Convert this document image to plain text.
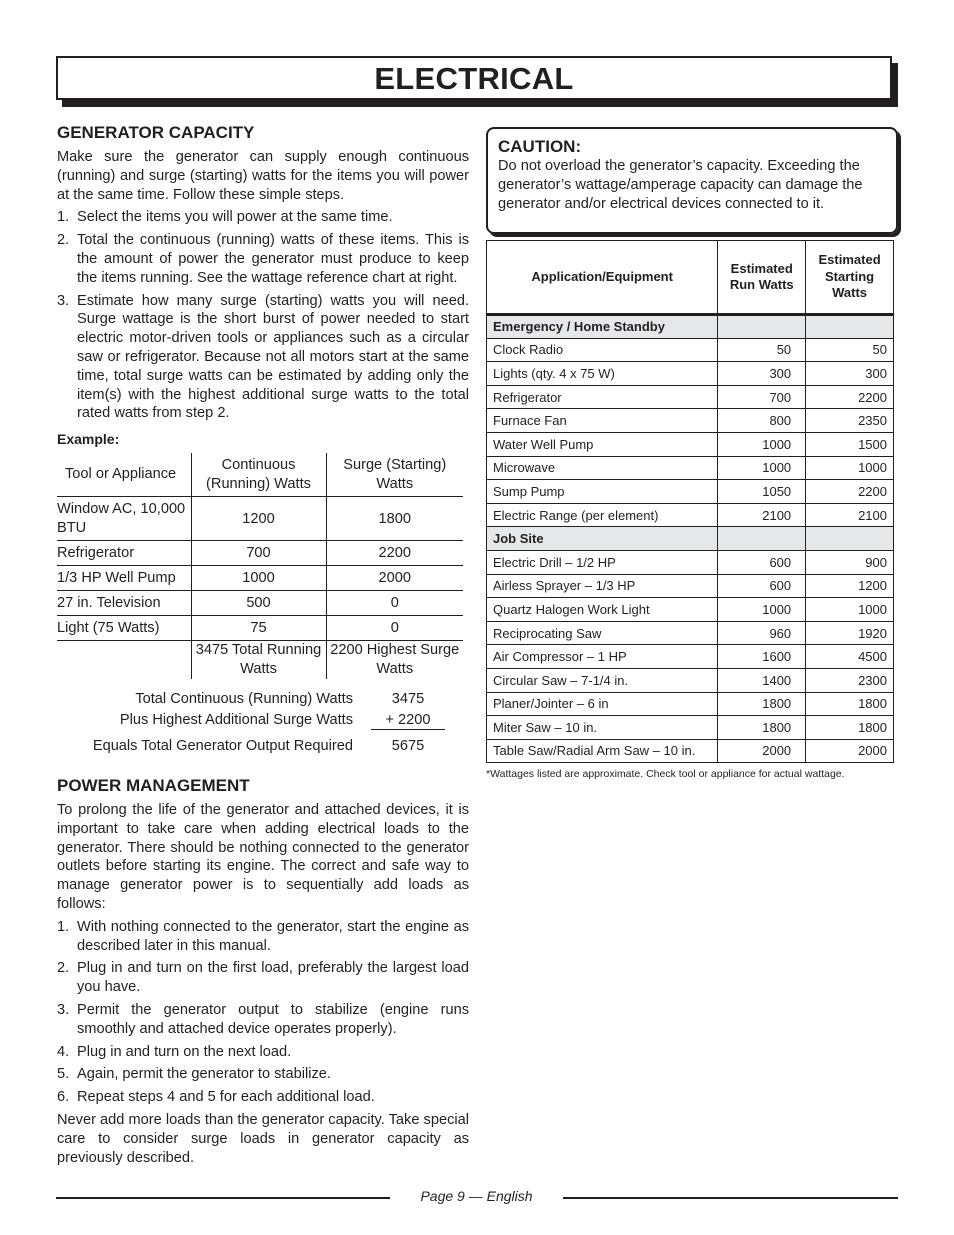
ELECTRICAL
GENERATOR CAPACITY

Make sure the generator can supply enough continuous (running) and surge (starting) watts for the items you will power at the same time. Follow these simple steps.

1. Select the items you will power at the same time.
2. Total the continuous (running) watts of these items. This is the amount of power the generator must produce to keep the items running. See the wattage reference chart at right.
3. Estimate how many surge (starting) watts you will need. Surge wattage is the short burst of power needed to start electric motor-driven tools or appliances such as a circular saw or refrigerator. Because not all motors start at the same time, total surge watts can be estimated by adding only the item(s) with the highest additional surge watts to the total rated watts from step 2.
Example:
Tool or Appliance	Continuous (Running) Watts	Surge (Starting) Watts
Window AC, 10,000 BTU	1200	1800
Refrigerator	700	2200
1/3 HP Well Pump	1000	2000
27 in. Television	500	0
Light (75 Watts)	75	0
	3475 Total Running Watts	2200 Highest Surge Watts
Total Continuous (Running) Watts	3475
Plus Highest Additional Surge Watts	+ 2200
Equals Total Generator Output Required	5675
POWER MANAGEMENT

To prolong the life of the generator and attached devices, it is important to take care when adding electrical loads to the generator. There should be nothing connected to the generator outlets before starting its engine. The correct and safe way to manage generator power is to sequentially add loads as follows:

1. With nothing connected to the generator, start the engine as described later in this manual.
2. Plug in and turn on the first load, preferably the largest load you have.
3. Permit the generator output to stabilize (engine runs smoothly and attached device operates properly).
4. Plug in and turn on the next load.
5. Again, permit the generator to stabilize.
6. Repeat steps 4 and 5 for each additional load.

Never add more loads than the generator capacity. Take special care to consider surge loads in generator capacity as previously described.

CAUTION:

Do not overload the generator’s capacity. Exceeding the generator’s wattage/amperage capacity can damage the generator and/or electrical devices connected to it.

Application/Equipment	Estimated Run Watts	Estimated Starting Watts
Emergency / Home Standby		
Clock Radio	50	50
Lights (qty. 4 x 75 W)	300	300
Refrigerator	700	2200
Furnace Fan	800	2350
Water Well Pump	1000	1500
Microwave	1000	1000
Sump Pump	1050	2200
Electric Range (per element)	2100	2100
Job Site		
Electric Drill – 1/2 HP	600	900
Airless Sprayer – 1/3 HP	600	1200
Quartz Halogen Work Light	1000	1000
Reciprocating Saw	960	1920
Air Compressor – 1 HP	1600	4500
Circular Saw – 7-1/4 in.	1400	2300
Planer/Jointer – 6 in	1800	1800
Miter Saw – 10 in.	1800	1800
Table Saw/Radial Arm Saw – 10 in.	2000	2000
*Wattages listed are approximate. Check tool or appliance for actual wattage.
Page 9 — English
